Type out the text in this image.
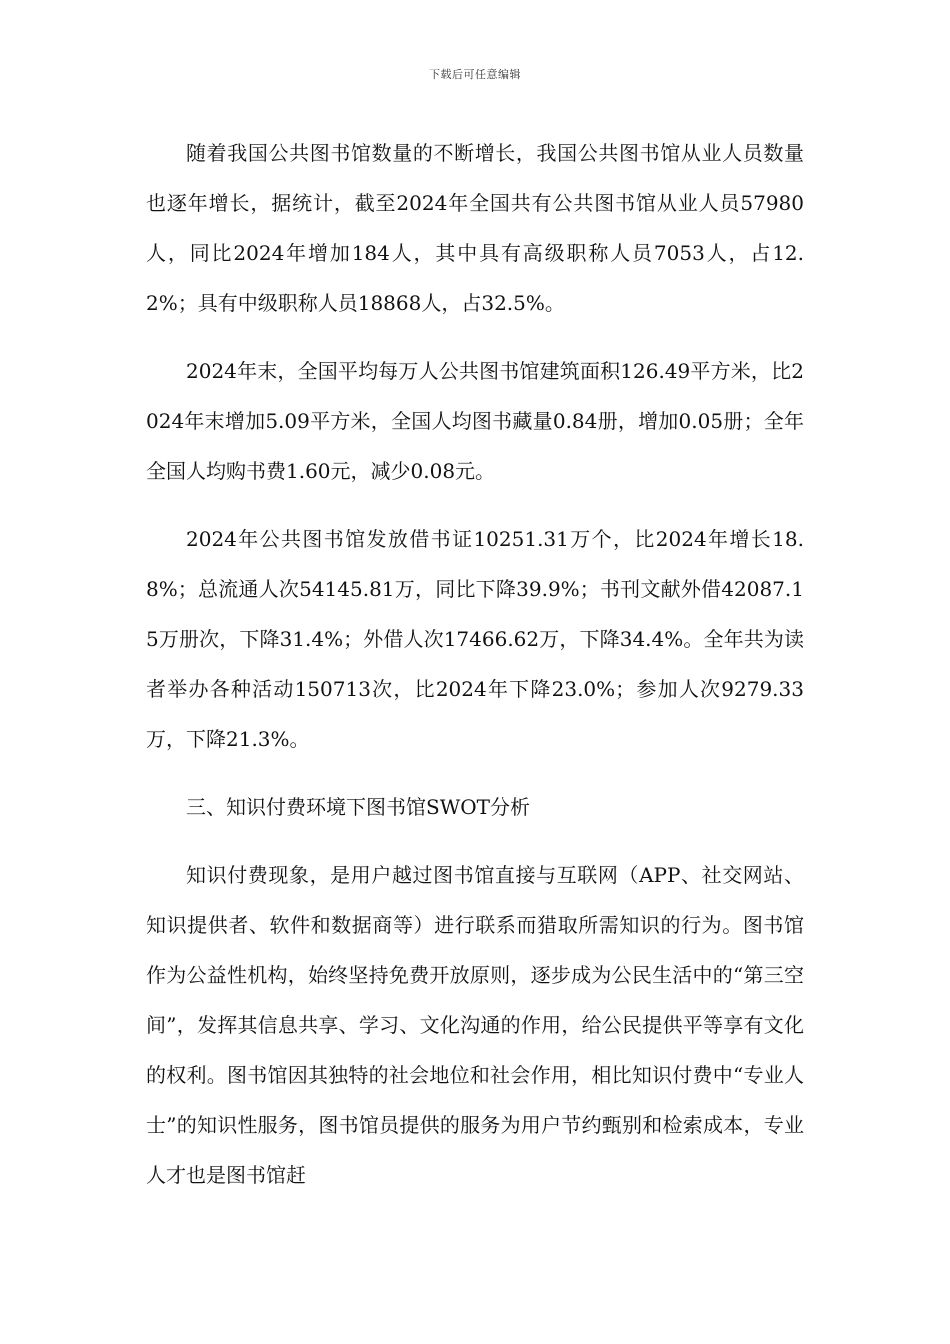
下载后可任意编辑

随着我国公共图书馆数量的不断增长，我国公共图书馆从业人员数量也逐年增长，据统计，截至2024年全国共有公共图书馆从业人员57980人，同比2024年增加184人，其中具有高级职称人员7053人，占12.2%；具有中级职称人员18868人，占32.5%。

2024年末，全国平均每万人公共图书馆建筑面积126.49平方米，比2024年末增加5.09平方米，全国人均图书藏量0.84册，增加0.05册；全年全国人均购书费1.60元，减少0.08元。

2024年公共图书馆发放借书证10251.31万个，比2024年增长18.8%；总流通人次54145.81万，同比下降39.9%；书刊文献外借42087.15万册次，下降31.4%；外借人次17466.62万，下降34.4%。全年共为读者举办各种活动150713次，比2024年下降23.0%；参加人次9279.33万，下降21.3%。

三、知识付费环境下图书馆SWOT分析

知识付费现象，是用户越过图书馆直接与互联网（APP、社交网站、知识提供者、软件和数据商等）进行联系而猎取所需知识的行为。图书馆作为公益性机构，始终坚持免费开放原则，逐步成为公民生活中的“第三空间”，发挥其信息共享、学习、文化沟通的作用，给公民提供平等享有文化的权利。图书馆因其独特的社会地位和社会作用，相比知识付费中“专业人士”的知识性服务，图书馆员提供的服务为用户节约甄别和检索成本，专业人才也是图书馆赶
